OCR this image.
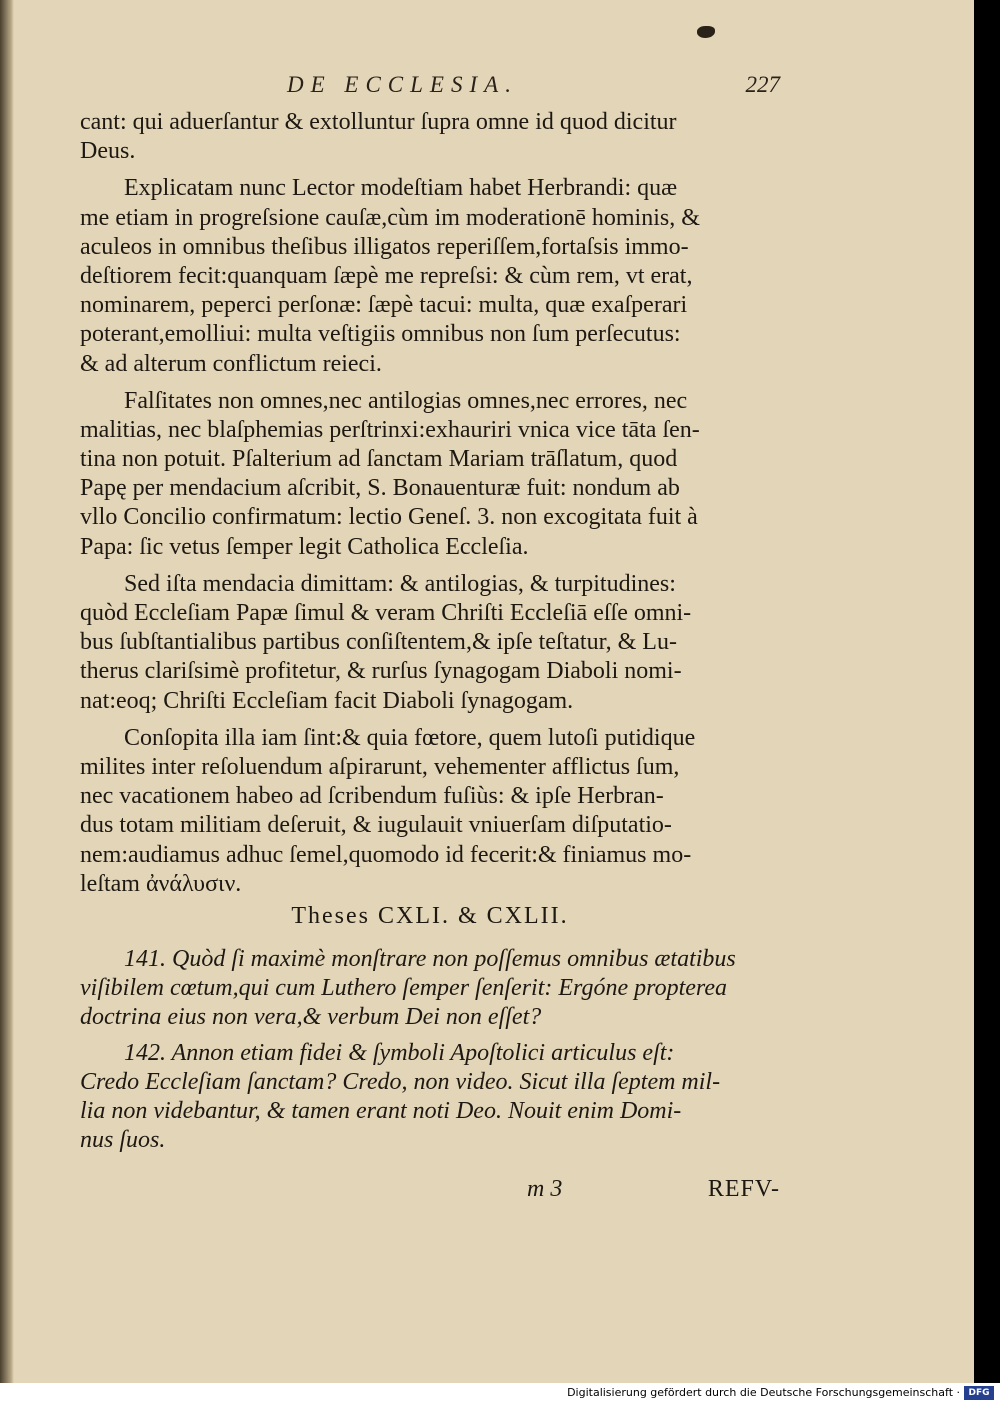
DE ECCLESIA.	227
cant: qui aduerſantur & extolluntur ſupra omne id quod dicitur
Deus.
Explicatam nunc Lector modeſtiam habet Herbrandi: quæ
me etiam in progreſsione cauſæ,cùm im moderationē hominis, &
aculeos in omnibus theſibus illigatos reperiſſem,fortaſsis immo-
deſtiorem fecit:quanquam ſæpè me repreſsi: & cùm rem, vt erat,
nominarem, peperci perſonæ: ſæpè tacui: multa, quæ exaſperari
poterant,emolliui: multa veſtigiis omnibus non ſum perſecutus:
& ad alterum conflictum reieci.
Falſitates non omnes,nec antilogias omnes,nec errores, nec
malitias, nec blaſphemias perſtrinxi:exhauriri vnica vice tāta ſen-
tina non potuit. Pſalterium ad ſanctam Mariam trāſlatum, quod
Papę per mendacium aſcribit, S. Bonauenturæ fuit: nondum ab
vllo Concilio confirmatum: lectio Geneſ. 3. non excogitata fuit à
Papa: ſic vetus ſemper legit Catholica Eccleſia.
Sed iſta mendacia dimittam: & antilogias, & turpitudines:
quòd Eccleſiam Papæ ſimul & veram Chriſti Eccleſiā eſſe omni-
bus ſubſtantialibus partibus conſiſtentem,& ipſe teſtatur, & Lu-
therus clariſsimè profitetur, & rurſus ſynagogam Diaboli nomi-
nat:eoq; Chriſti Eccleſiam facit Diaboli ſynagogam.
Conſopita illa iam ſint:& quia fœtore, quem lutoſi putidique
milites inter reſoluendum aſpirarunt, vehementer afflictus ſum,
nec vacationem habeo ad ſcribendum fuſiùs: & ipſe Herbran-
dus totam militiam deſeruit, & iugulauit vniuerſam diſputatio-
nem:audiamus adhuc ſemel,quomodo id fecerit:& finiamus mo-
leſtam ἀνάλυσιν.
Theses CXLI. & CXLII.
141. Quòd ſi maximè monſtrare non poſſemus omnibus ætatibus
viſibilem cœtum,qui cum Luthero ſemper ſenſerit: Ergóne propterea
doctrina eius non vera,& verbum Dei non eſſet?
142. Annon etiam fidei & ſymboli Apoſtolici articulus eſt:
Credo Eccleſiam ſanctam? Credo, non video. Sicut illa ſeptem mil-
lia non videbantur, & tamen erant noti Deo. Nouit enim Domi-
nus ſuos.
m 3	REFV-
Digitalisierung gefördert durch die Deutsche Forschungsgemeinschaft · DFG
